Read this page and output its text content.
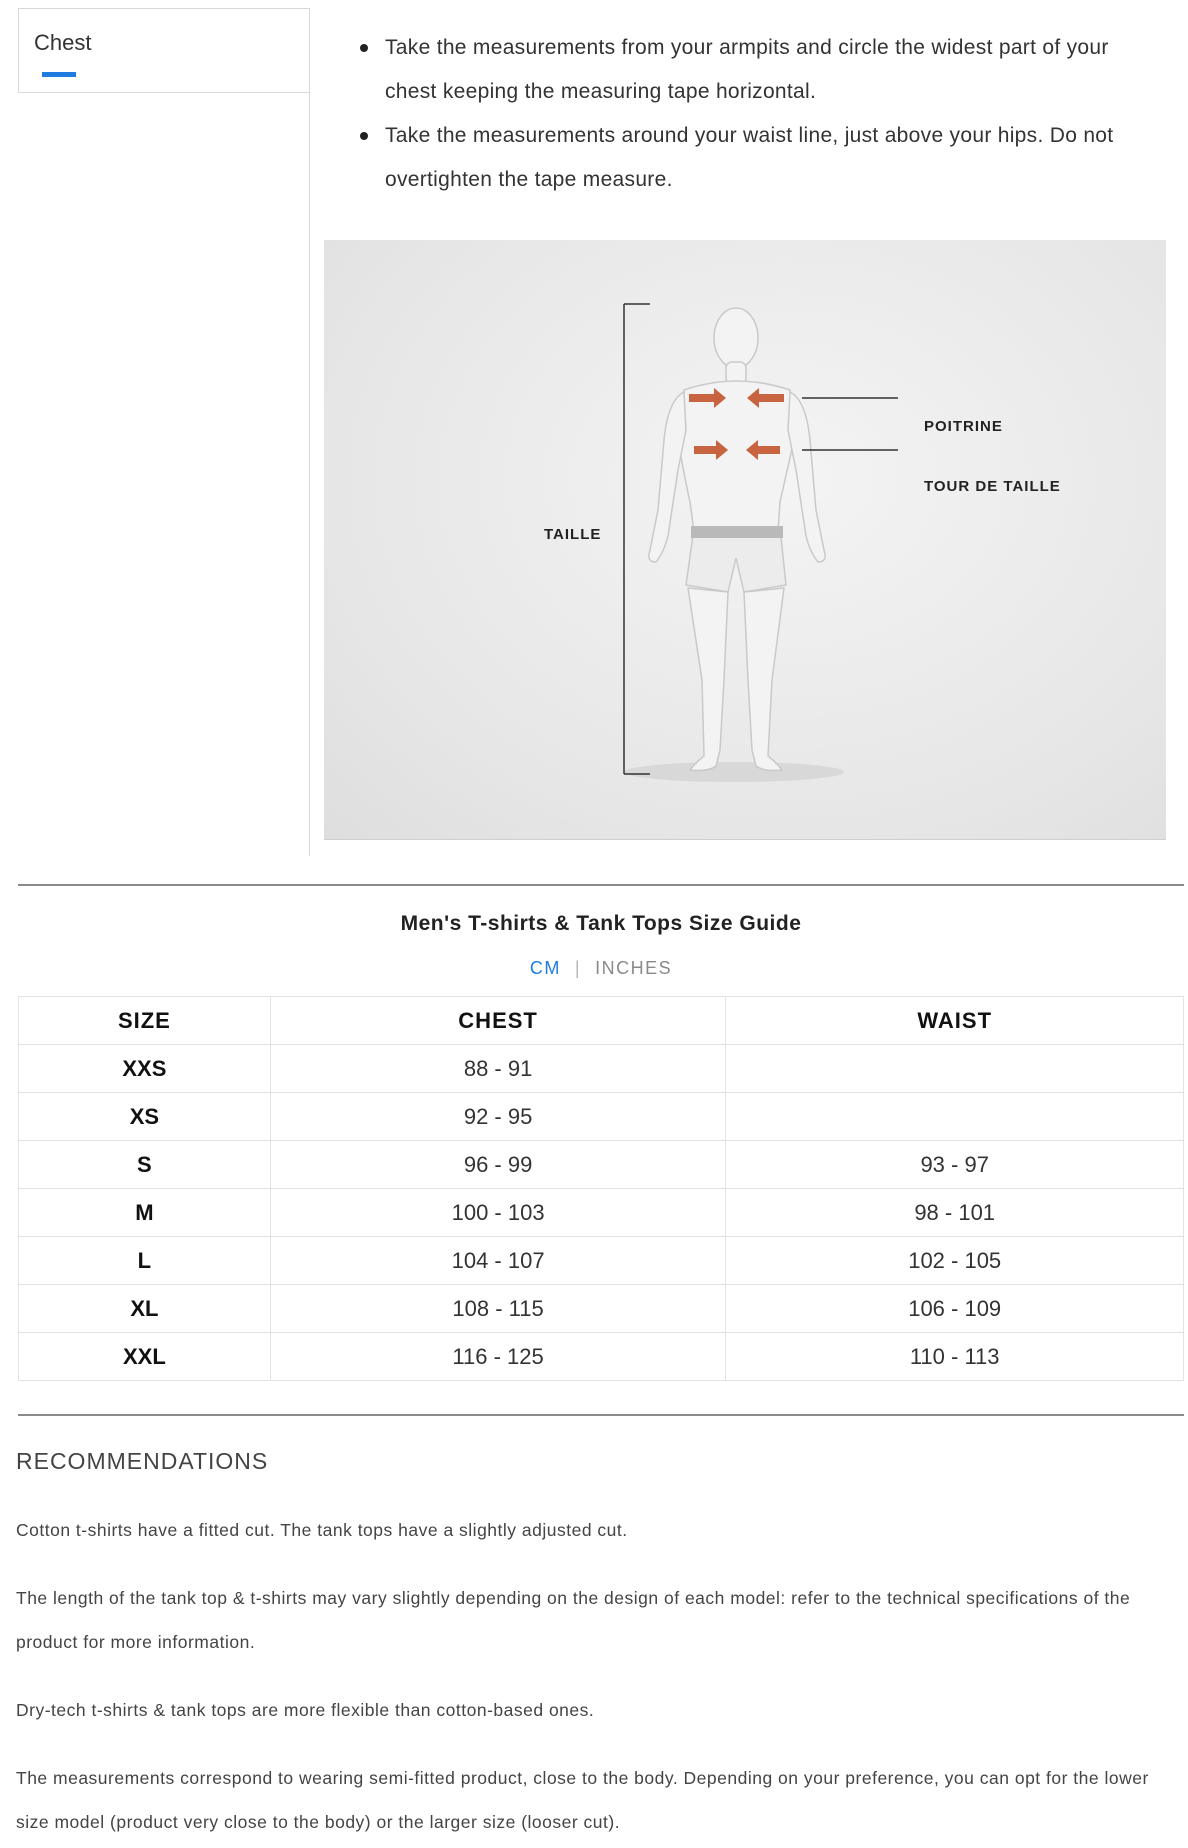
Chest	Take the measurements from your armpits and circle the widest part of your chest keeping the measuring tape horizontal.
Take the measurements around your waist line, just above your hips. Do not overtighten the tape measure.
TAILLE
POITRINE
TOUR DE TAILLE
Men's T-shirts & Tank Tops Size Guide
CM | INCHES
SIZE	CHEST	WAIST
XXS	88 - 91	
XS	92 - 95	
S	96 - 99	93 - 97
M	100 - 103	98 - 101
L	104 - 107	102 - 105
XL	108 - 115	106 - 109
XXL	116 - 125	110 - 113
RECOMMENDATIONS

Cotton t-shirts have a fitted cut. The tank tops have a slightly adjusted cut.

The length of the tank top & t-shirts may vary slightly depending on the design of each model: refer to the technical specifications of the product for more information.

Dry-tech t-shirts & tank tops are more flexible than cotton-based ones.

The measurements correspond to wearing semi-fitted product, close to the body. Depending on your preference, you can opt for the lower size model (product very close to the body) or the larger size (looser cut).
